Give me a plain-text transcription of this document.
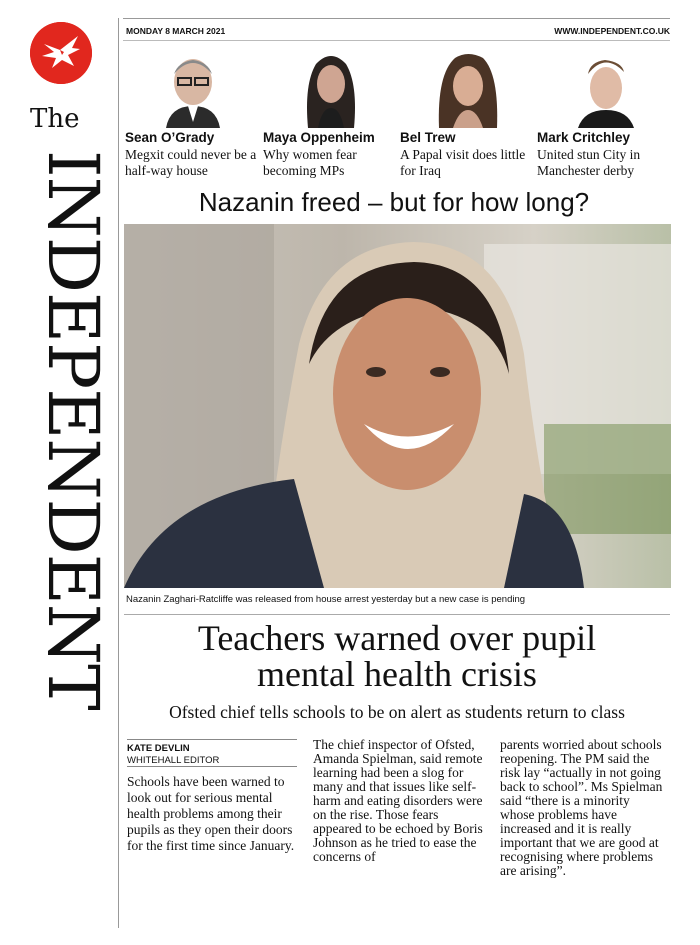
The
INDEPENDENT
MONDAY 8 MARCH 2021	WWW.INDEPENDENT.CO.UK
Sean O’Grady
Megxit could never be a half-way house
Maya Oppenheim
Why women fear becoming MPs
Bel Trew
A Papal visit does little for Iraq
Mark Critchley
United stun City in Manchester derby
Nazanin freed – but for how long?
Nazanin Zaghari-Ratcliffe was released from house arrest yesterday but a new case is pending
Teachers warned over pupil
mental health crisis
Ofsted chief tells schools to be on alert as students return to class
KATE DEVLIN
WHITEHALL EDITOR
Schools have been warned to
look out for serious mental
health problems among their
pupils as they open their doors
for the first time since January.
The chief inspector of Ofsted,
Amanda Spielman, said remote
learning had been a slog for
many and that issues like self-
harm and eating disorders were
on the rise. Those fears
appeared to be echoed by Boris
Johnson as he tried to ease the
concerns of
parents worried about schools
reopening. The PM said the
risk lay “actually in not going
back to school”. Ms Spielman
said “there is a minority
whose problems have
increased and it is really
important that we are good at
recognising where problems
are arising”.
